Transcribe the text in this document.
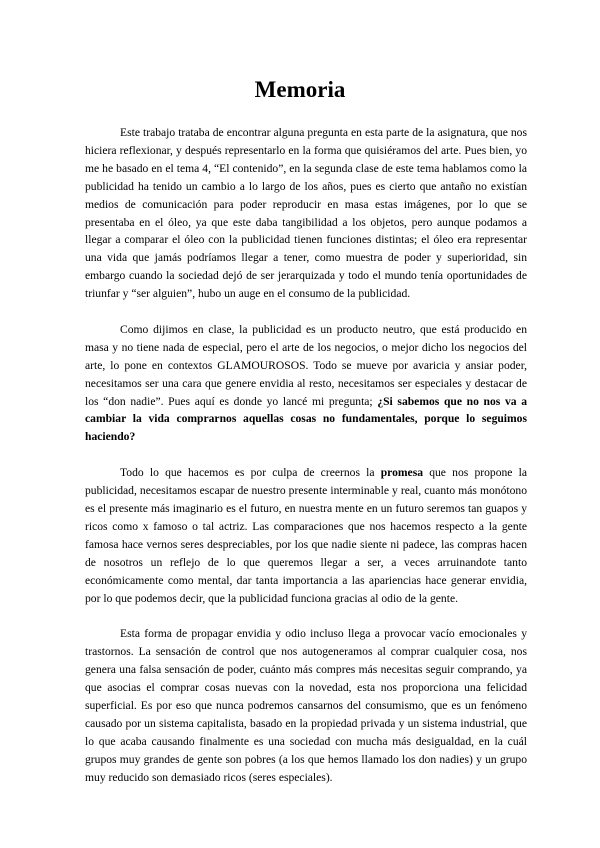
Memoria

Este trabajo trataba de encontrar alguna pregunta en esta parte de la asignatura, que nos hiciera reflexionar, y después representarlo en la forma que quisiéramos del arte. Pues bien, yo me he basado en el tema 4, “El contenido”, en la segunda clase de este tema hablamos como la publicidad ha tenido un cambio a lo largo de los años, pues es cierto que antaño no existían medios de comunicación para poder reproducir en masa estas imágenes, por lo que se presentaba en el óleo, ya que este daba tangibilidad a los objetos, pero aunque podamos a llegar a comparar el óleo con la publicidad tienen funciones distintas; el óleo era representar una vida que jamás podríamos llegar a tener, como muestra de poder y superioridad, sin embargo cuando la sociedad dejó de ser jerarquizada y todo el mundo tenía oportunidades de triunfar y “ser alguien”, hubo un auge en el consumo de la publicidad.

Como dijimos en clase, la publicidad es un producto neutro, que está producido en masa y no tiene nada de especial, pero el arte de los negocios, o mejor dicho los negocios del arte, lo pone en contextos GLAMOUROSOS. Todo se mueve por avaricia y ansiar poder, necesitamos ser una cara que genere envidia al resto, necesitamos ser especiales y destacar de los “don nadie”. Pues aquí es donde yo lancé mi pregunta; ¿Si sabemos que no nos va a cambiar la vida comprarnos aquellas cosas no fundamentales, porque lo seguimos haciendo?

Todo lo que hacemos es por culpa de creernos la promesa que nos propone la publicidad, necesitamos escapar de nuestro presente interminable y real, cuanto más monótono es el presente más imaginario es el futuro, en nuestra mente en un futuro seremos tan guapos y ricos como x famoso o tal actriz. Las comparaciones que nos hacemos respecto a la gente famosa hace vernos seres despreciables, por los que nadie siente ni padece, las compras hacen de nosotros un reflejo de lo que queremos llegar a ser, a veces arruinandote tanto económicamente como mental, dar tanta importancia a las apariencias hace generar envidia, por lo que podemos decir, que la publicidad funciona gracias al odio de la gente.

Esta forma de propagar envidia y odio incluso llega a provocar vacío emocionales y trastornos. La sensación de control que nos autogeneramos al comprar cualquier cosa, nos genera una falsa sensación de poder, cuánto más compres más necesitas seguir comprando, ya que asocias el comprar cosas nuevas con la novedad, esta nos proporciona una felicidad superficial. Es por eso que nunca podremos cansarnos del consumismo, que es un fenómeno causado por un sistema capitalista, basado en la propiedad privada y un sistema industrial, que lo que acaba causando finalmente es una sociedad con mucha más desigualdad, en la cuál grupos muy grandes de gente son pobres (a los que hemos llamado los don nadies) y un grupo muy reducido son demasiado ricos (seres especiales).
